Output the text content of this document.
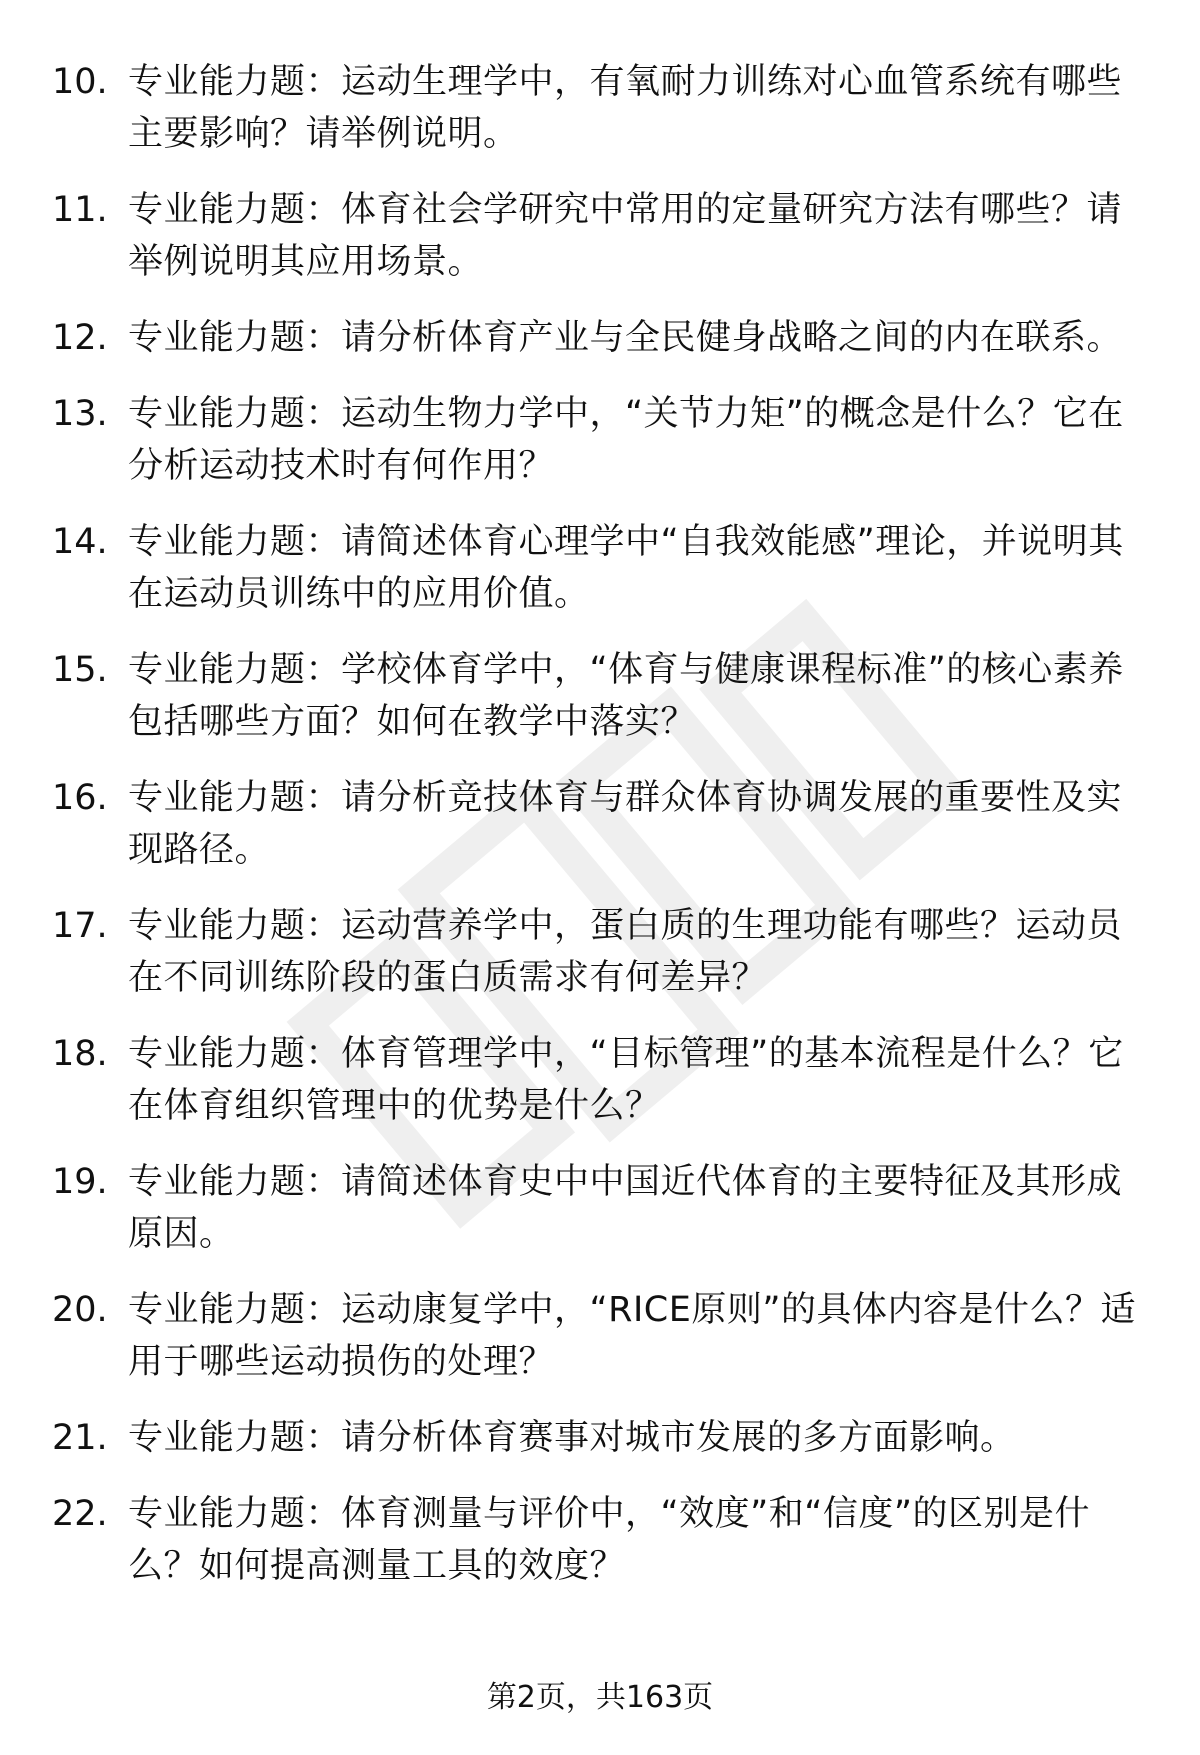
10. 专业能力题：运动生理学中，有氧耐力训练对心血管系统有哪些主要影响？请举例说明。
11. 专业能力题：体育社会学研究中常用的定量研究方法有哪些？请举例说明其应用场景。
12. 专业能力题：请分析体育产业与全民健身战略之间的内在联系。
13. 专业能力题：运动生物力学中，“关节力矩”的概念是什么？它在分析运动技术时有何作用？
14. 专业能力题：请简述体育心理学中“自我效能感”理论，并说明其在运动员训练中的应用价值。
15. 专业能力题：学校体育学中，“体育与健康课程标准”的核心素养包括哪些方面？如何在教学中落实？
16. 专业能力题：请分析竞技体育与群众体育协调发展的重要性及实现路径。
17. 专业能力题：运动营养学中，蛋白质的生理功能有哪些？运动员在不同训练阶段的蛋白质需求有何差异？
18. 专业能力题：体育管理学中，“目标管理”的基本流程是什么？它在体育组织管理中的优势是什么？
19. 专业能力题：请简述体育史中中国近代体育的主要特征及其形成原因。
20. 专业能力题：运动康复学中，“RICE原则”的具体内容是什么？适用于哪些运动损伤的处理？
21. 专业能力题：请分析体育赛事对城市发展的多方面影响。
22. 专业能力题：体育测量与评价中，“效度”和“信度”的区别是什么？如何提高测量工具的效度？
第2页，共163页
